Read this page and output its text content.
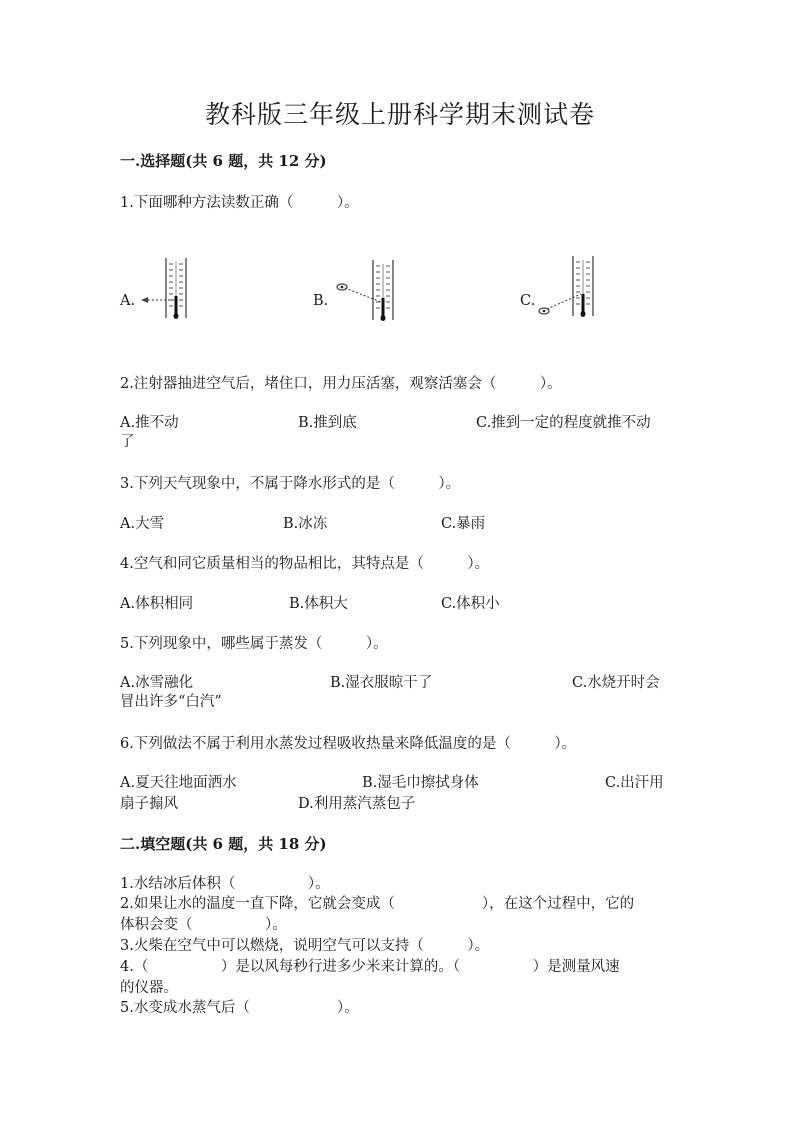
教科版三年级上册科学期末测试卷
一.选择题(共 6 题，共 12 分)
1.下面哪种方法读数正确（　　　）。
A.	B.	C.
2.注射器抽进空气后，堵住口，用力压活塞，观察活塞会（　　　）。
A.推不动	B.推到底	C.推到一定的程度就推不动
了
3.下列天气现象中，不属于降水形式的是（　　　）。
A.大雪	B.冰冻	C.暴雨
4.空气和同它质量相当的物品相比，其特点是（　　　）。
A.体积相同	B.体积大	C.体积小
5.下列现象中，哪些属于蒸发（　　　）。
A.冰雪融化	B.湿衣服晾干了	C.水烧开时会
冒出许多“白汽”
6.下列做法不属于利用水蒸发过程吸收热量来降低温度的是（　　　）。
A.夏天往地面洒水	B.湿毛巾擦拭身体	C.出汗用
扇子搧风	D.利用蒸汽蒸包子
二.填空题(共 6 题，共 18 分)
1.水结冰后体积（　　　　　）。
2.如果让水的温度一直下降，它就会变成（　　　　　　），在这个过程中，它的
体积会变（　　　　　）。
3.火柴在空气中可以燃烧，说明空气可以支持（　　　）。
4.（　　　　　）是以风每秒行进多少米来计算的。（　　　　　）是测量风速
的仪器。
5.水变成水蒸气后（　　　　　　）。
